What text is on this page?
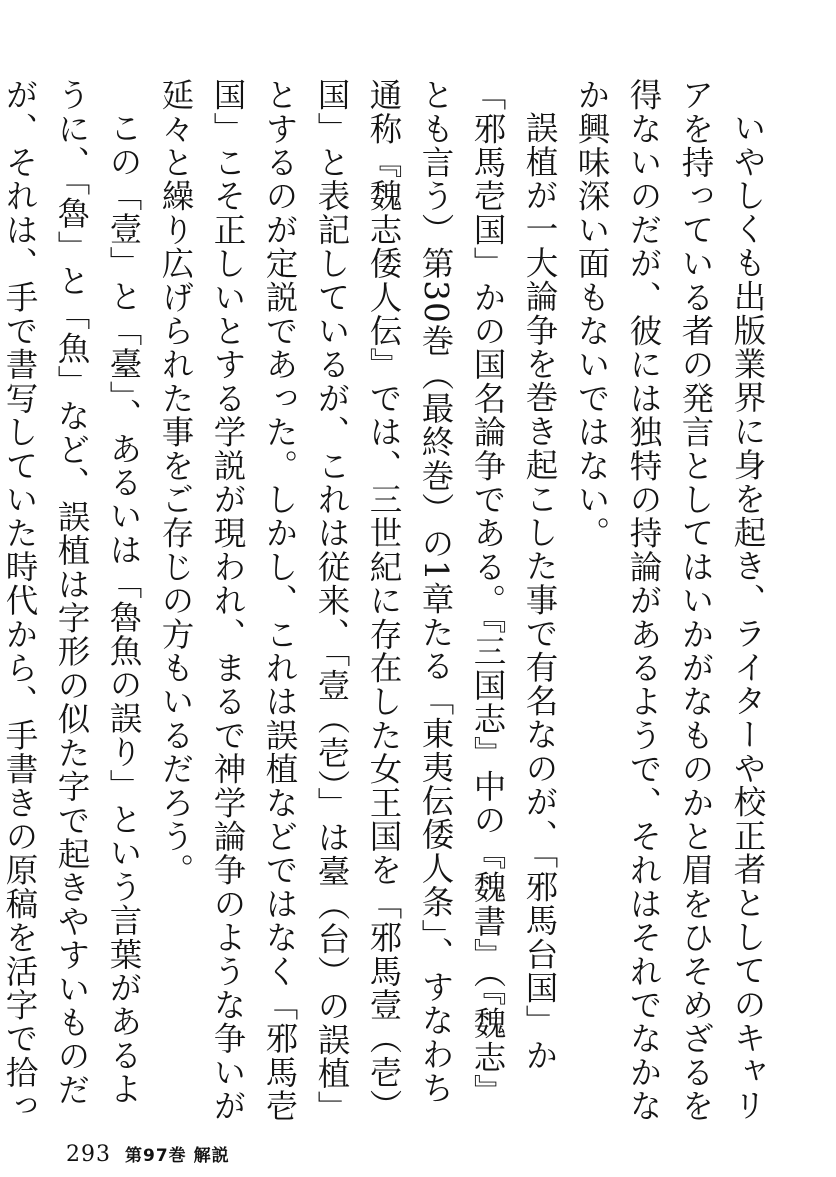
いやしくも出版業界に身を起き、ライターや校正者としてのキャリアを持っている者の発言としてはいかがなものかと眉をひそめざるを得ないのだが、彼には独特の持論があるようで、それはそれでなかなか興味深い面もないではない。

誤植が一大論争を巻き起こした事で有名なのが、「邪馬台国」か「邪馬壱国」かの国名論争である。『三国志』中の『魏書』（『魏志』とも言う）第30巻（最終巻）の1章たる「東夷伝倭人条」、すなわち通称『魏志倭人伝』では、三世紀に存在した女王国を「邪馬壹（壱）国」と表記しているが、これは従来、「壹（壱）」は臺（台）の誤植」とするのが定説であった。しかし、これは誤植などではなく「邪馬壱国」こそ正しいとする学説が現われ、まるで神学論争のような争いが延々と繰り広げられた事をご存じの方もいるだろう。

この「壹」と「臺」、あるいは「魯魚の誤り」という言葉があるように、「魯」と「魚」など、誤植は字形の似た字で起きやすいものだが、それは、手で書写していた時代から、手書きの原稿を活字で拾っ

293 第97巻 解説
